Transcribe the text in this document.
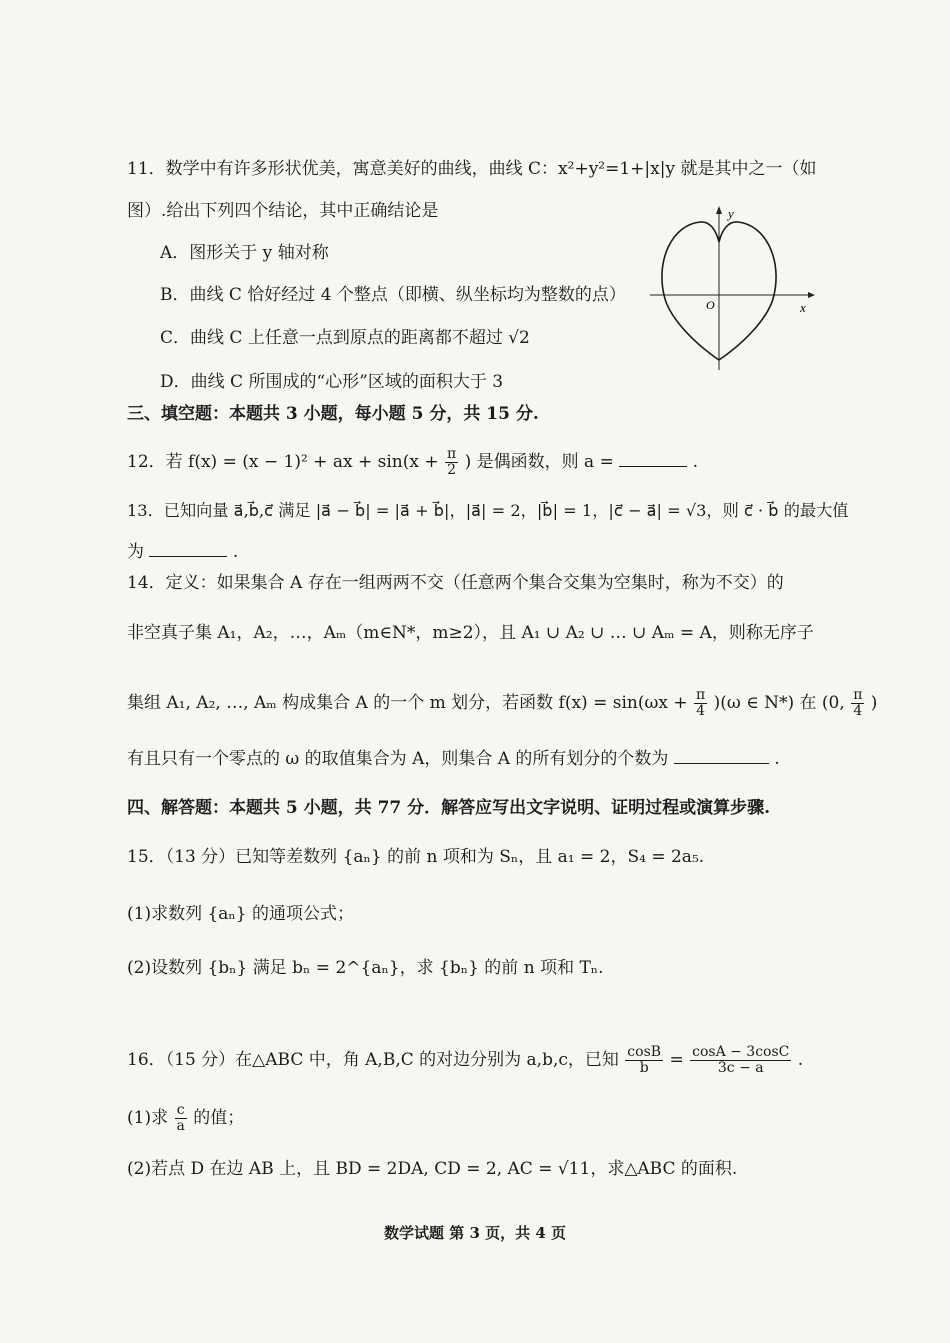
11．数学中有许多形状优美，寓意美好的曲线，曲线 C：x²+y²=1+|x|y 就是其中之一（如
图）.给出下列四个结论，其中正确结论是
A．图形关于 y 轴对称
B．曲线 C 恰好经过 4 个整点（即横、纵坐标均为整数的点）
C．曲线 C 上任意一点到原点的距离都不超过 √2
D．曲线 C 所围成的“心形”区域的面积大于 3
y
x
O
三、填空题：本题共 3 小题，每小题 5 分，共 15 分.
12．若 f(x) = (x − 1)² + ax + $\sin(x + \frac{\pi}{2}$ ) 是偶函数，则 a =	.
13．已知向量 a⃗,b⃗,c⃗ 满足 |a⃗ − b⃗| = |a⃗ + b⃗|，|a⃗| = 2，|b⃗| = 1，|c⃗ − a⃗| = √3，则 c⃗ · b⃗ 的最大值
为	.
14．定义：如果集合 A 存在一组两两不交（任意两个集合交集为空集时，称为不交）的
非空真子集 A₁，A₂，…，Aₘ（m∈N*，m≥2），且 A₁ ∪ A₂ ∪ … ∪ Aₘ = A，则称无序子
集组 A₁, A₂, …, Aₘ 构成集合 A 的一个 m 划分，若函数 $f(x) = \sin(\omega x + \frac{\pi}{4} )(\omega$ ∈ N*) 在 (0, $\frac{\pi}{4}$ )
有且只有一个零点的 ω 的取值集合为 A，则集合 A 的所有划分的个数为	.
四、解答题：本题共 5 小题，共 77 分．解答应写出文字说明、证明过程或演算步骤.
15．（13 分）已知等差数列 {aₙ} 的前 n 项和为 Sₙ，且 a₁ = 2，S₄ = 2a₅.
(1)求数列 {aₙ} 的通项公式；
(2)设数列 {bₙ} 满足 bₙ = 2^{aₙ}，求 {bₙ} 的前 n 项和 Tₙ.
16．（15 分）在△ABC 中，角 A,B,C 的对边分别为 a,b,c，已知 $\frac{\cos B}{b} = \frac{\cos A - 3\cos C}{3c - a}$ .
(1)求 $\frac{c}{a}$ 的值；
(2)若点 D 在边 AB 上，且 BD = 2DA, CD = 2, AC = √11，求△ABC 的面积.
数学试题 第 3 页，共 4 页
